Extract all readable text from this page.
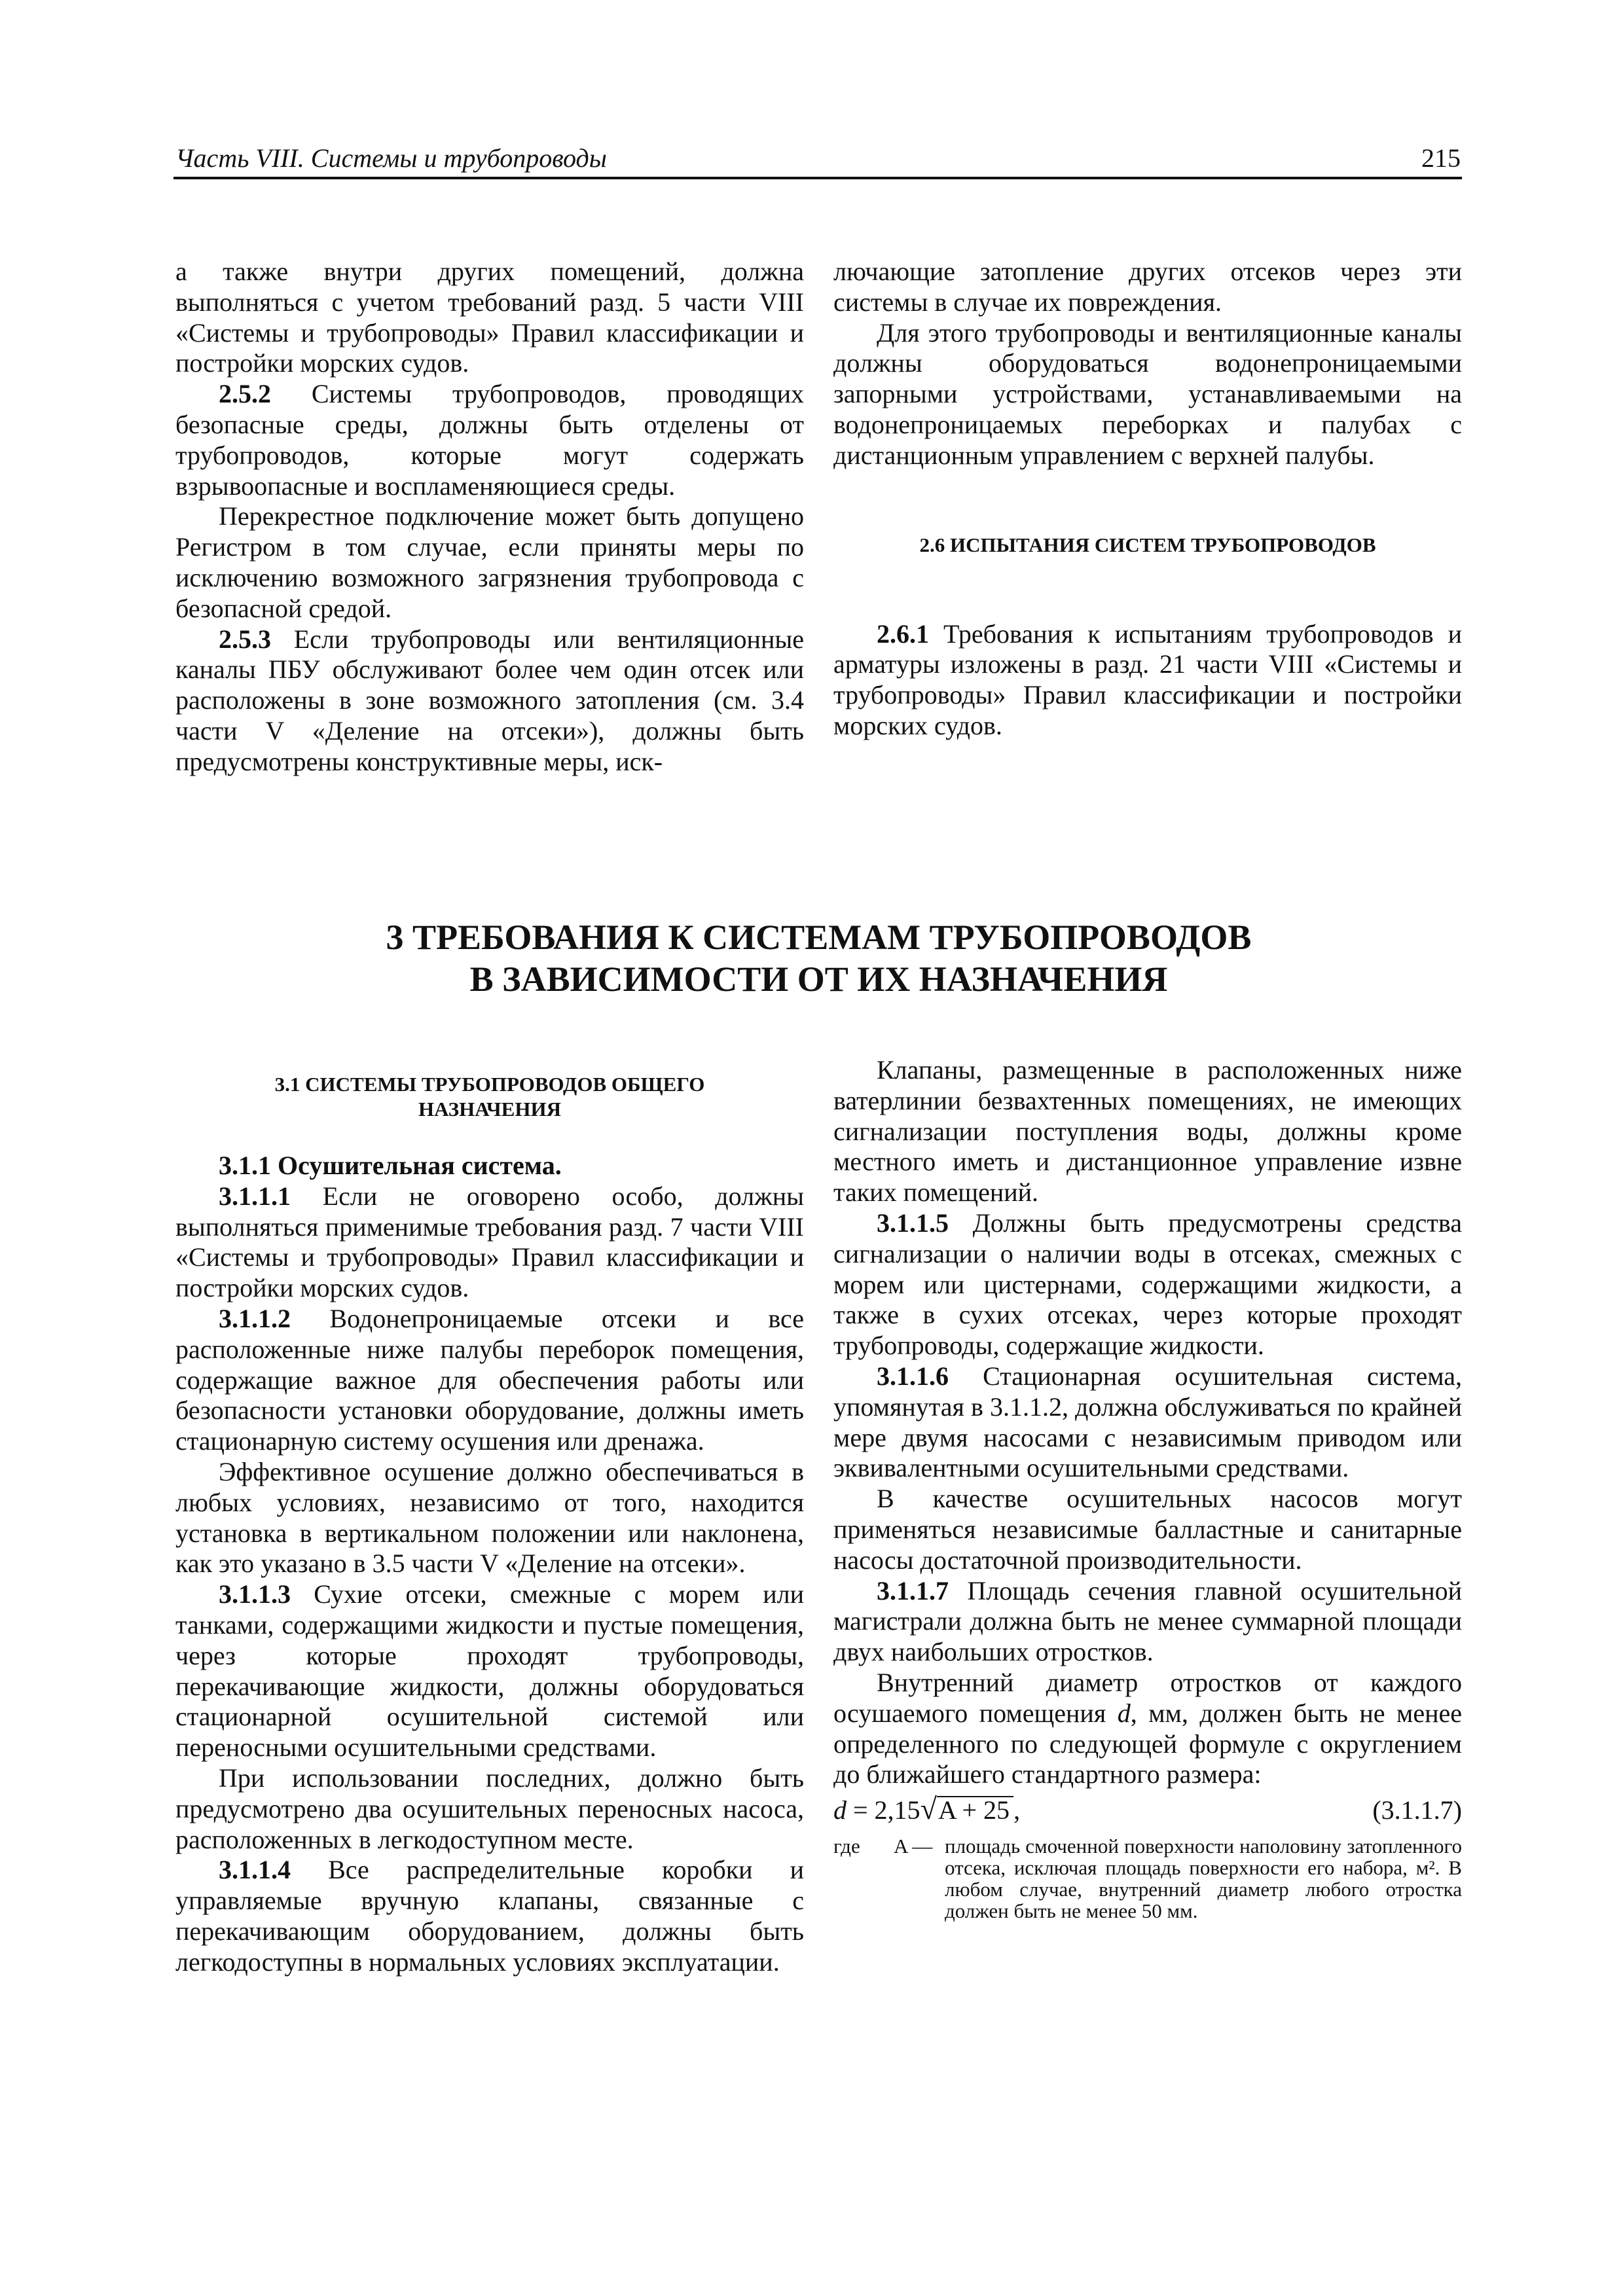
Часть VIII. Системы и трубопроводы	215

а также внутри других помещений, должна выполняться с учетом требований разд. 5 части VIII «Системы и трубопроводы» Правил классификации и постройки морских судов.

2.5.2 Системы трубопроводов, проводящих безопасные среды, должны быть отделены от трубопроводов, которые могут содержать взрывоопасные и воспламеняющиеся среды.

Перекрестное подключение может быть допущено Регистром в том случае, если приняты меры по исключению возможного загрязнения трубопровода с безопасной средой.

2.5.3 Если трубопроводы или вентиляционные каналы ПБУ обслуживают более чем один отсек или расположены в зоне возможного затопления (см. 3.4 части V «Деление на отсеки»), должны быть предусмотрены конструктивные меры, иск-

лючающие затопление других отсеков через эти системы в случае их повреждения.

Для этого трубопроводы и вентиляционные каналы должны оборудоваться водонепроницаемыми запорными устройствами, устанавливаемыми на водонепроницаемых переборках и палубах с дистанционным управлением с верхней палубы.

2.6 ИСПЫТАНИЯ СИСТЕМ ТРУБОПРОВОДОВ

2.6.1 Требования к испытаниям трубопроводов и арматуры изложены в разд. 21 части VIII «Системы и трубопроводы» Правил классификации и постройки морских судов.

3 ТРЕБОВАНИЯ К СИСТЕМАМ ТРУБОПРОВОДОВ
В ЗАВИСИМОСТИ ОТ ИХ НАЗНАЧЕНИЯ
3.1 СИСТЕМЫ ТРУБОПРОВОДОВ ОБЩЕГО
НАЗНАЧЕНИЯ

3.1.1 Осушительная система.

3.1.1.1 Если не оговорено особо, должны выполняться применимые требования разд. 7 части VIII «Системы и трубопроводы» Правил классификации и постройки морских судов.

3.1.1.2 Водонепроницаемые отсеки и все расположенные ниже палубы переборок помещения, содержащие важное для обеспечения работы или безопасности установки оборудование, должны иметь стационарную систему осушения или дренажа.

Эффективное осушение должно обеспечиваться в любых условиях, независимо от того, находится установка в вертикальном положении или наклонена, как это указано в 3.5 части V «Деление на отсеки».

3.1.1.3 Сухие отсеки, смежные с морем или танками, содержащими жидкости и пустые помещения, через которые проходят трубопроводы, перекачивающие жидкости, должны оборудоваться стационарной осушительной системой или переносными осушительными средствами.

При использовании последних, должно быть предусмотрено два осушительных переносных насоса, расположенных в легкодоступном месте.

3.1.1.4 Все распределительные коробки и управляемые вручную клапаны, связанные с перекачивающим оборудованием, должны быть легкодоступны в нормальных условиях эксплуатации.

Клапаны, размещенные в расположенных ниже ватерлинии безвахтенных помещениях, не имеющих сигнализации поступления воды, должны кроме местного иметь и дистанционное управление извне таких помещений.

3.1.1.5 Должны быть предусмотрены средства сигнализации о наличии воды в отсеках, смежных с морем или цистернами, содержащими жидкости, а также в сухих отсеках, через которые проходят трубопроводы, содержащие жидкости.

3.1.1.6 Стационарная осушительная система, упомянутая в 3.1.1.2, должна обслуживаться по крайней мере двумя насосами с независимым приводом или эквивалентными осушительными средствами.

В качестве осушительных насосов могут применяться независимые балластные и санитарные насосы достаточной производительности.

3.1.1.7 Площадь сечения главной осушительной магистрали должна быть не менее суммарной площади двух наибольших отростков.

Внутренний диаметр отростков от каждого осушаемого помещения d, мм, должен быть не менее определенного по следующей формуле с округлением до ближайшего стандартного размера:

d = 2,15√A + 25 ,	(3.1.1.7)
где	A — площадь смоченной поверхности наполовину затопленного отсека, исключая площадь поверхности его набора, м². В любом случае, внутренний диаметр любого отростка должен быть не менее 50 мм.
